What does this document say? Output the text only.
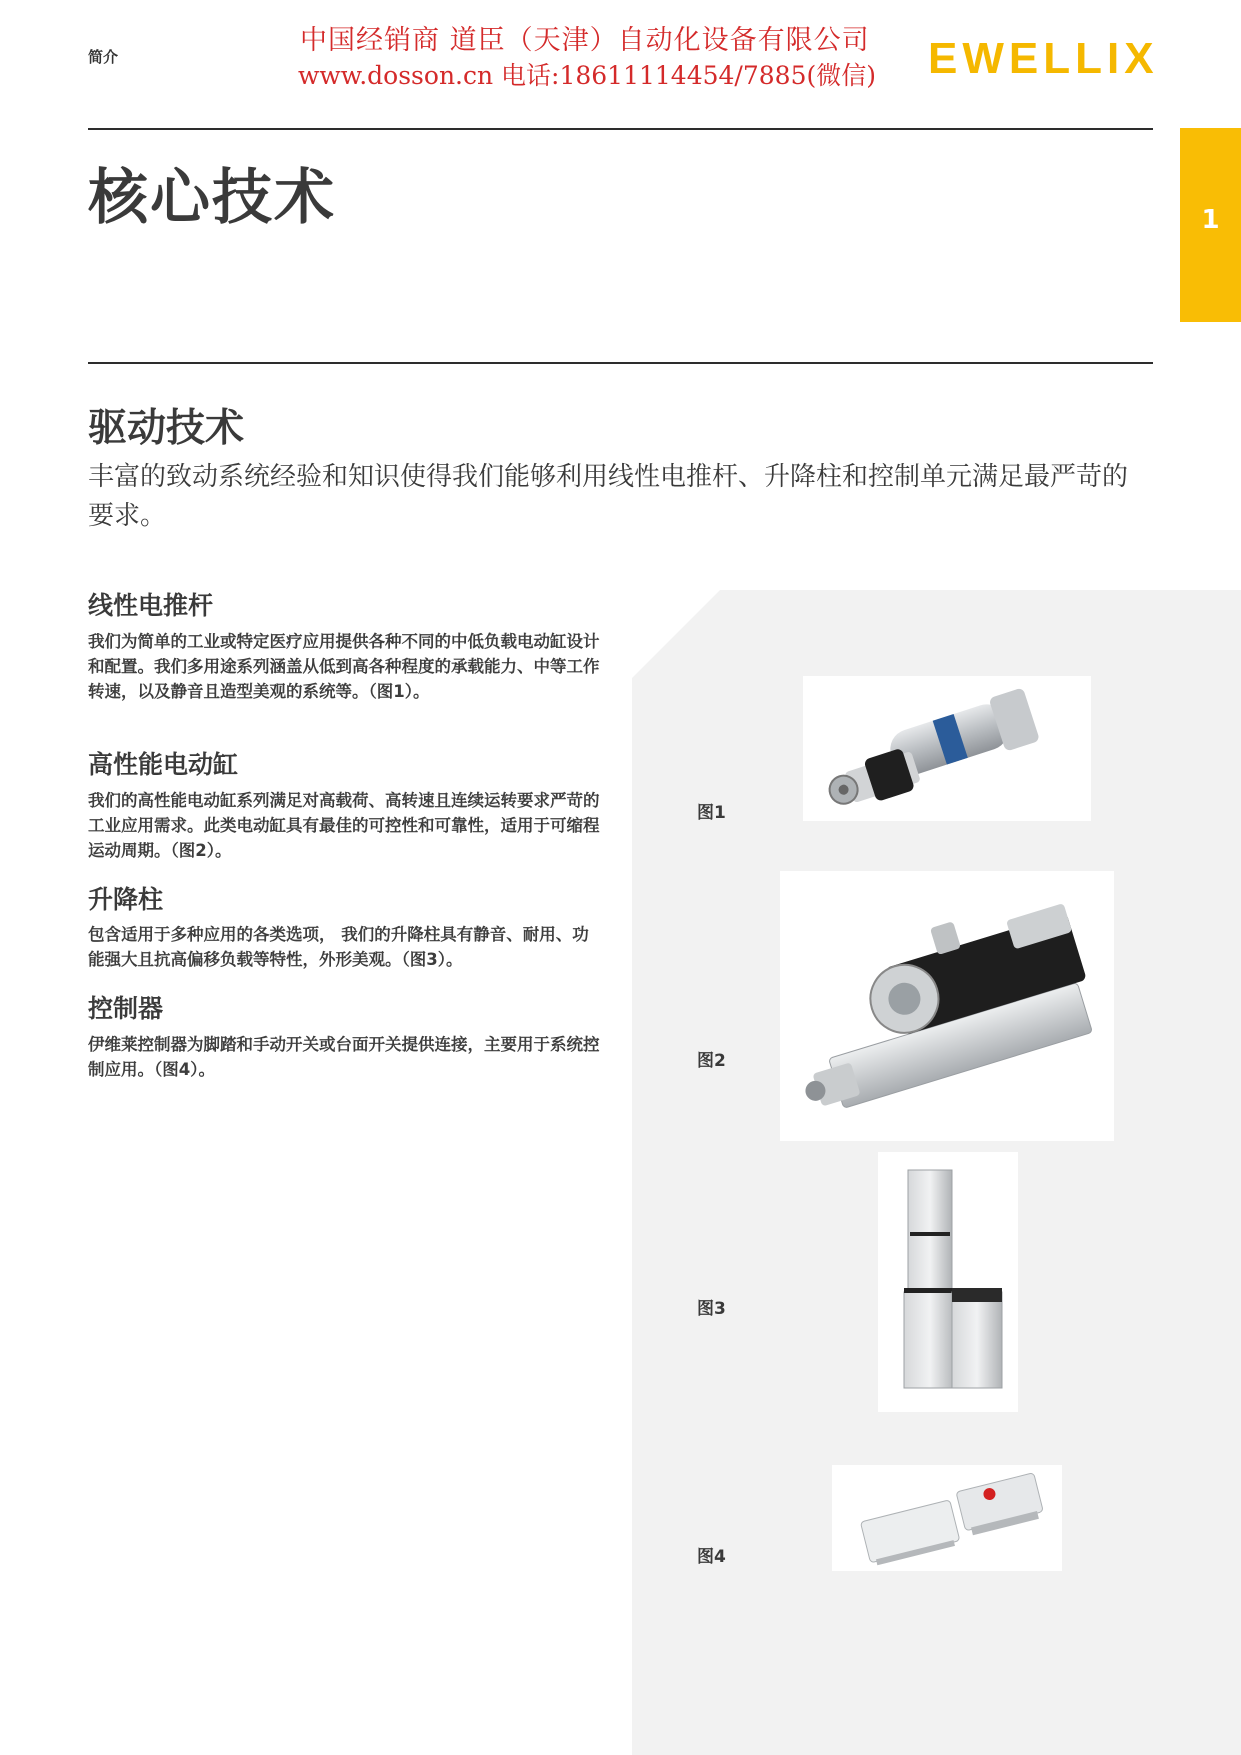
简介
中国经销商 道臣（天津）自动化设备有限公司
www.dosson.cn 电话:18611114454/7885(微信) EWELLIX
核心技术	1
驱动技术
丰富的致动系统经验和知识使得我们能够利用线性电推杆、升降柱和控制单元满足最严苛的要求。
线性电推杆
我们为简单的工业或特定医疗应用提供各种不同的中低负载电动缸设计和配置。我们多用途系列涵盖从低到高各种程度的承载能力、中等工作转速，以及静音且造型美观的系统等。（图1）。
高性能电动缸
我们的高性能电动缸系列满足对高载荷、高转速且连续运转要求严苛的工业应用需求。此类电动缸具有最佳的可控性和可靠性，适用于可缩程运动周期。（图2）。
升降柱
包含适用于多种应用的各类选项， 我们的升降柱具有静音、耐用、功能强大且抗高偏移负载等特性，外形美观。（图3）。
控制器
伊维莱控制器为脚踏和手动开关或台面开关提供连接，主要用于系统控制应用。（图4）。
图1
图2
图3
图4
